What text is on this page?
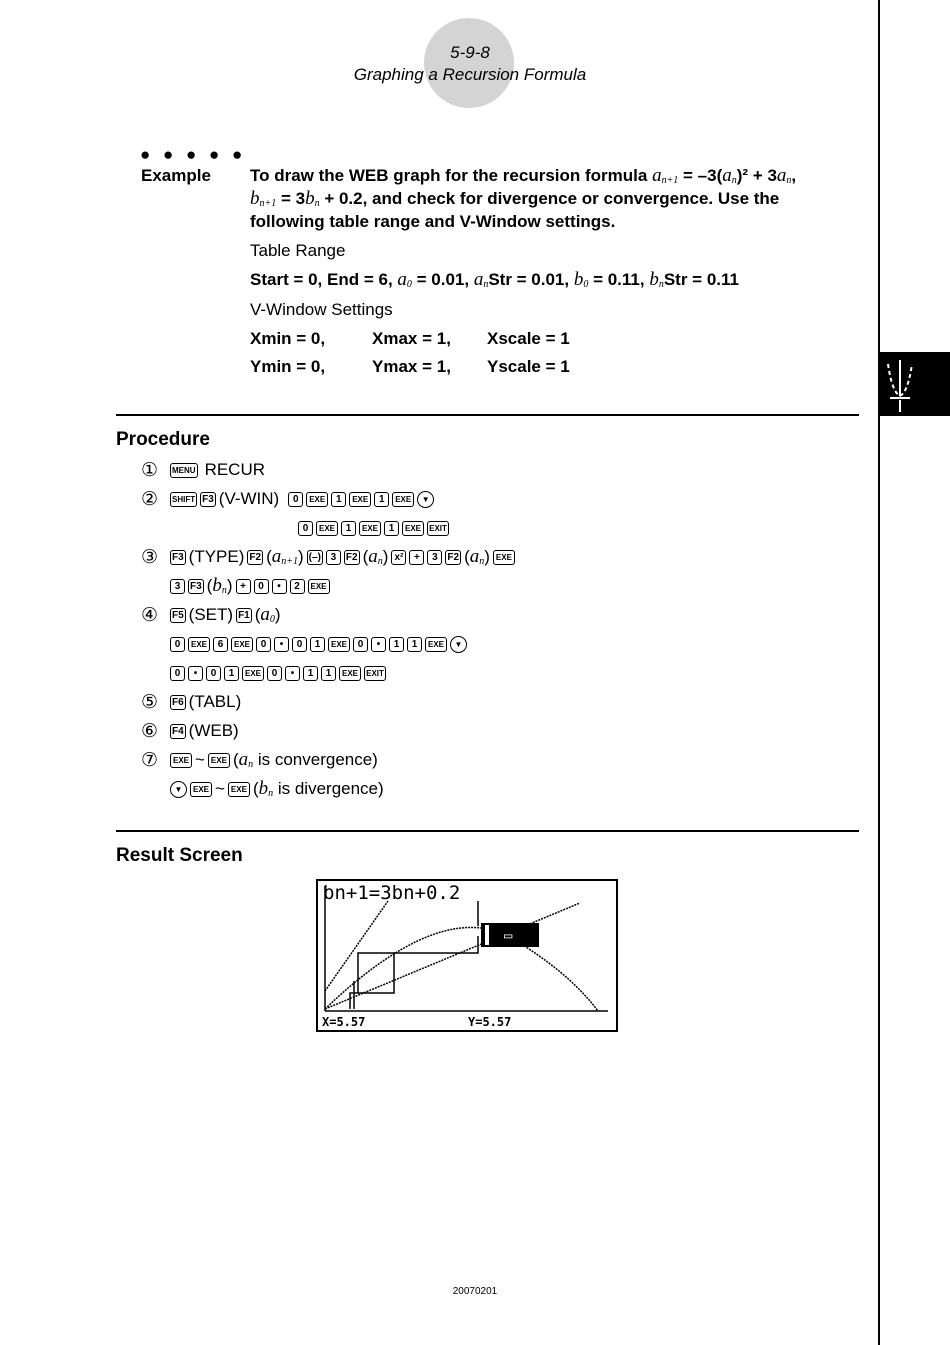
5-9-8
Graphing a Recursion Formula
● ● ● ● ●
Example To draw the WEB graph for the recursion formula $a_{n+1} = -3(a_n)^2 + 3a_n$,
$b_{n+1} = 3b_n + 0.2$, and check for divergence or convergence. Use the
following table range and V-Window settings.
Table Range
Start = 0, End = 6, $a_0 = 0.01$, $a_nStr = 0.01$, $b_0 = 0.11$, $b_nStr = 0.11$
V-Window Settings
Xmin = 0,	Xmax = 1, Xscale = 1
Ymin = 0,	Ymax = 1, Yscale = 1
Procedure
①	MENU RECUR
②	SHIFT F3 (V-WIN)	0	EXE	1	EXE	1	EXE	▼
0	EXE	1	EXE	1	EXE	EXIT
③	F3 (TYPE) F2 $(a_{n+1})$ (–) 3 F2 $(a_n)$ x²	+	3 F2 $(a_n)$ EXE
3 F3 $(b_n)$ +	0	•	2	EXE
④	F5 (SET) F1 $(a_0)$
0	EXE	6	EXE	0	•	0	1	EXE	0	•	1	1	EXE	▼
0	•	0	1	EXE	0	•	1	1	EXE	EXIT
⑤	F6 (TABL)
⑥	F4 (WEB)
⑦	EXE ~ EXE ($a_n$ is convergence)
▼	EXE ~ EXE ($b_n$ is divergence)
Result Screen
▭
bn+1=3bn+0.2
X=5.57	Y=5.57
20070201
